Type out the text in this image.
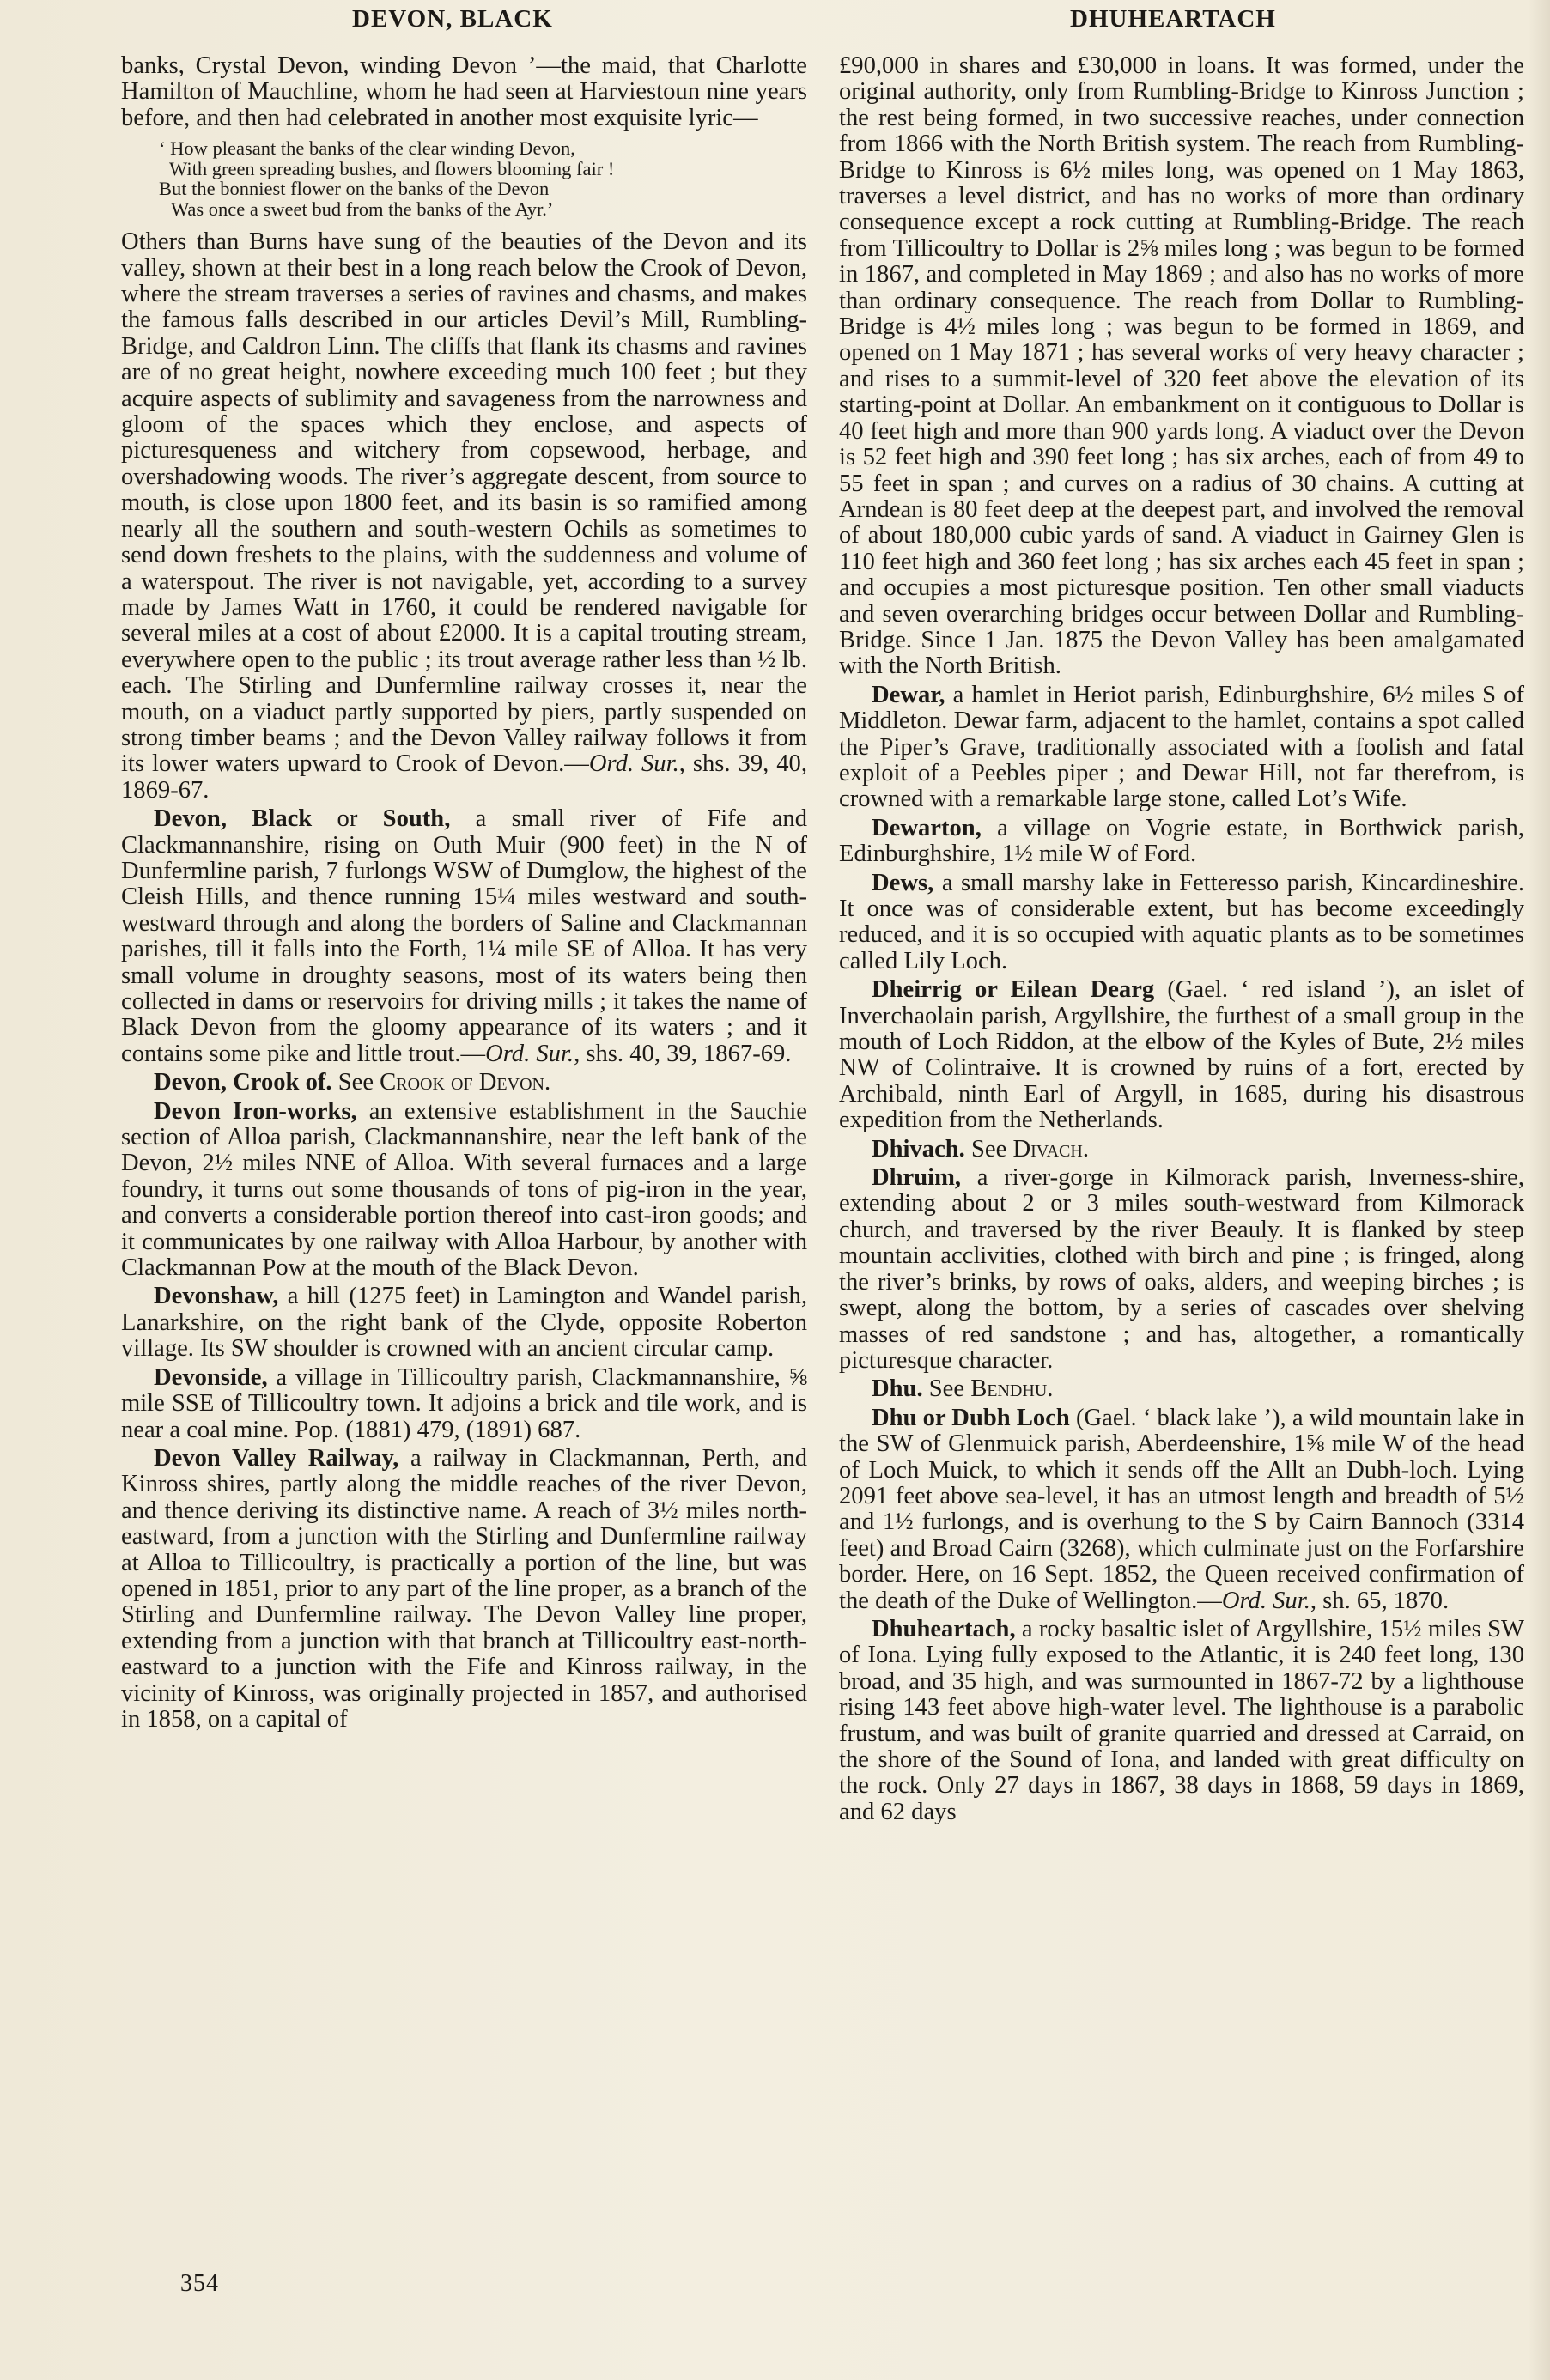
DEVON, BLACK	DHUHEARTACH

banks, Crystal Devon, winding Devon ’—the maid, that Charlotte Hamilton of Mauchline, whom he had seen at Harviestoun nine years before, and then had celebrated in another most exquisite lyric—

‘ How pleasant the banks of the clear winding Devon,
With green spreading bushes, and flowers blooming fair !
But the bonniest flower on the banks of the Devon
Was once a sweet bud from the banks of the Ayr.’

Others than Burns have sung of the beauties of the Devon and its valley, shown at their best in a long reach below the Crook of Devon, where the stream traverses a series of ravines and chasms, and makes the famous falls described in our articles Devil’s Mill, Rumbling-Bridge, and Caldron Linn. The cliffs that flank its chasms and ravines are of no great height, nowhere exceeding much 100 feet ; but they acquire aspects of sublimity and savageness from the narrowness and gloom of the spaces which they enclose, and aspects of picturesqueness and witchery from copsewood, herbage, and overshadowing woods. The river’s aggregate descent, from source to mouth, is close upon 1800 feet, and its basin is so ramified among nearly all the southern and south-western Ochils as sometimes to send down freshets to the plains, with the suddenness and volume of a waterspout. The river is not navigable, yet, according to a survey made by James Watt in 1760, it could be rendered navigable for several miles at a cost of about £2000. It is a capital trouting stream, everywhere open to the public ; its trout average rather less than ½ lb. each. The Stirling and Dunfermline railway crosses it, near the mouth, on a viaduct partly supported by piers, partly suspended on strong timber beams ; and the Devon Valley railway follows it from its lower waters upward to Crook of Devon.—Ord. Sur., shs. 39, 40, 1869-67.

Devon, Black or South, a small river of Fife and Clackmannanshire, rising on Outh Muir (900 feet) in the N of Dunfermline parish, 7 furlongs WSW of Dumglow, the highest of the Cleish Hills, and thence running 15¼ miles westward and south-westward through and along the borders of Saline and Clackmannan parishes, till it falls into the Forth, 1¼ mile SE of Alloa. It has very small volume in droughty seasons, most of its waters being then collected in dams or reservoirs for driving mills ; it takes the name of Black Devon from the gloomy appearance of its waters ; and it contains some pike and little trout.—Ord. Sur., shs. 40, 39, 1867-69.

Devon, Crook of. See Crook of Devon.

Devon Iron-works, an extensive establishment in the Sauchie section of Alloa parish, Clackmannanshire, near the left bank of the Devon, 2½ miles NNE of Alloa. With several furnaces and a large foundry, it turns out some thousands of tons of pig-iron in the year, and converts a considerable portion thereof into cast-iron goods; and it communicates by one railway with Alloa Harbour, by another with Clackmannan Pow at the mouth of the Black Devon.

Devonshaw, a hill (1275 feet) in Lamington and Wandel parish, Lanarkshire, on the right bank of the Clyde, opposite Roberton village. Its SW shoulder is crowned with an ancient circular camp.

Devonside, a village in Tillicoultry parish, Clackmannanshire, ⅝ mile SSE of Tillicoultry town. It adjoins a brick and tile work, and is near a coal mine. Pop. (1881) 479, (1891) 687.

Devon Valley Railway, a railway in Clackmannan, Perth, and Kinross shires, partly along the middle reaches of the river Devon, and thence deriving its distinctive name. A reach of 3½ miles north-eastward, from a junction with the Stirling and Dunfermline railway at Alloa to Tillicoultry, is practically a portion of the line, but was opened in 1851, prior to any part of the line proper, as a branch of the Stirling and Dunfermline railway. The Devon Valley line proper, extending from a junction with that branch at Tillicoultry east-north-eastward to a junction with the Fife and Kinross railway, in the vicinity of Kinross, was originally projected in 1857, and authorised in 1858, on a capital of

£90,000 in shares and £30,000 in loans. It was formed, under the original authority, only from Rumbling-Bridge to Kinross Junction ; the rest being formed, in two successive reaches, under connection from 1866 with the North British system. The reach from Rumbling-Bridge to Kinross is 6½ miles long, was opened on 1 May 1863, traverses a level district, and has no works of more than ordinary consequence except a rock cutting at Rumbling-Bridge. The reach from Tillicoultry to Dollar is 2⅝ miles long ; was begun to be formed in 1867, and completed in May 1869 ; and also has no works of more than ordinary consequence. The reach from Dollar to Rumbling-Bridge is 4½ miles long ; was begun to be formed in 1869, and opened on 1 May 1871 ; has several works of very heavy character ; and rises to a summit-level of 320 feet above the elevation of its starting-point at Dollar. An embankment on it contiguous to Dollar is 40 feet high and more than 900 yards long. A viaduct over the Devon is 52 feet high and 390 feet long ; has six arches, each of from 49 to 55 feet in span ; and curves on a radius of 30 chains. A cutting at Arndean is 80 feet deep at the deepest part, and involved the removal of about 180,000 cubic yards of sand. A viaduct in Gairney Glen is 110 feet high and 360 feet long ; has six arches each 45 feet in span ; and occupies a most picturesque position. Ten other small viaducts and seven overarching bridges occur between Dollar and Rumbling-Bridge. Since 1 Jan. 1875 the Devon Valley has been amalgamated with the North British.

Dewar, a hamlet in Heriot parish, Edinburghshire, 6½ miles S of Middleton. Dewar farm, adjacent to the hamlet, contains a spot called the Piper’s Grave, traditionally associated with a foolish and fatal exploit of a Peebles piper ; and Dewar Hill, not far therefrom, is crowned with a remarkable large stone, called Lot’s Wife.

Dewarton, a village on Vogrie estate, in Borthwick parish, Edinburghshire, 1½ mile W of Ford.

Dews, a small marshy lake in Fetteresso parish, Kincardineshire. It once was of considerable extent, but has become exceedingly reduced, and it is so occupied with aquatic plants as to be sometimes called Lily Loch.

Dheirrig or Eilean Dearg (Gael. ‘ red island ’), an islet of Inverchaolain parish, Argyllshire, the furthest of a small group in the mouth of Loch Riddon, at the elbow of the Kyles of Bute, 2½ miles NW of Colintraive. It is crowned by ruins of a fort, erected by Archibald, ninth Earl of Argyll, in 1685, during his disastrous expedition from the Netherlands.

Dhivach. See Divach.

Dhruim, a river-gorge in Kilmorack parish, Inverness-shire, extending about 2 or 3 miles south-westward from Kilmorack church, and traversed by the river Beauly. It is flanked by steep mountain acclivities, clothed with birch and pine ; is fringed, along the river’s brinks, by rows of oaks, alders, and weeping birches ; is swept, along the bottom, by a series of cascades over shelving masses of red sandstone ; and has, altogether, a romantically picturesque character.

Dhu. See Bendhu.

Dhu or Dubh Loch (Gael. ‘ black lake ’), a wild mountain lake in the SW of Glenmuick parish, Aberdeenshire, 1⅝ mile W of the head of Loch Muick, to which it sends off the Allt an Dubh-loch. Lying 2091 feet above sea-level, it has an utmost length and breadth of 5½ and 1½ furlongs, and is overhung to the S by Cairn Bannoch (3314 feet) and Broad Cairn (3268), which culminate just on the Forfarshire border. Here, on 16 Sept. 1852, the Queen received confirmation of the death of the Duke of Wellington.—Ord. Sur., sh. 65, 1870.

Dhuheartach, a rocky basaltic islet of Argyllshire, 15½ miles SW of Iona. Lying fully exposed to the Atlantic, it is 240 feet long, 130 broad, and 35 high, and was surmounted in 1867-72 by a lighthouse rising 143 feet above high-water level. The lighthouse is a parabolic frustum, and was built of granite quarried and dressed at Carraid, on the shore of the Sound of Iona, and landed with great difficulty on the rock. Only 27 days in 1867, 38 days in 1868, 59 days in 1869, and 62 days

354
